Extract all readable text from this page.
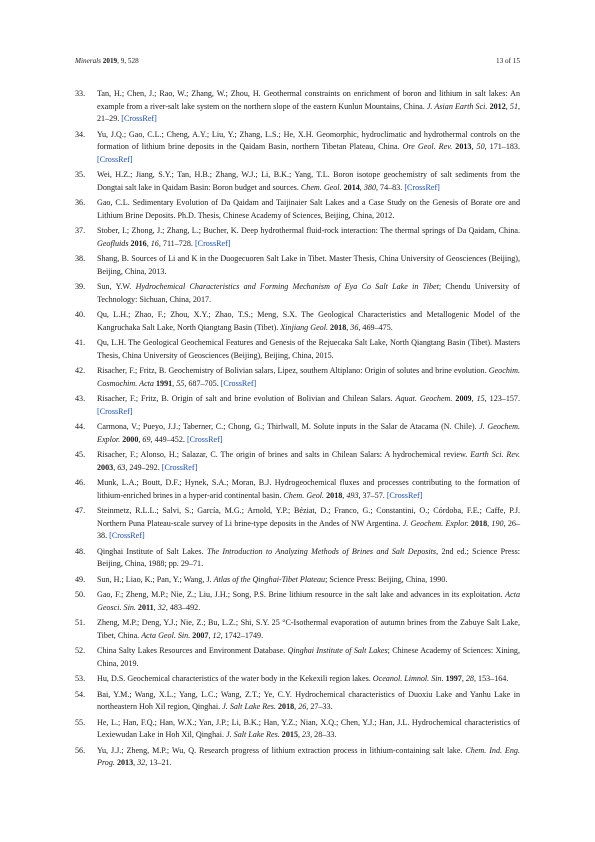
Minerals 2019, 9, 528	13 of 15
33. Tan, H.; Chen, J.; Rao, W.; Zhang, W.; Zhou, H. Geothermal constraints on enrichment of boron and lithium in salt lakes: An example from a river-salt lake system on the northern slope of the eastern Kunlun Mountains, China. J. Asian Earth Sci. 2012, 51, 21–29. [CrossRef]
34. Yu, J.Q.; Gao, C.L.; Cheng, A.Y.; Liu, Y.; Zhang, L.S.; He, X.H. Geomorphic, hydroclimatic and hydrothermal controls on the formation of lithium brine deposits in the Qaidam Basin, northern Tibetan Plateau, China. Ore Geol. Rev. 2013, 50, 171–183. [CrossRef]
35. Wei, H.Z.; Jiang, S.Y.; Tan, H.B.; Zhang, W.J.; Li, B.K.; Yang, T.L. Boron isotope geochemistry of salt sediments from the Dongtai salt lake in Qaidam Basin: Boron budget and sources. Chem. Geol. 2014, 380, 74–83. [CrossRef]
36. Gao, C.L. Sedimentary Evolution of Da Qaidam and Taijinaier Salt Lakes and a Case Study on the Genesis of Borate ore and Lithium Brine Deposits. Ph.D. Thesis, Chinese Academy of Sciences, Beijing, China, 2012.
37. Stober, I.; Zhong, J.; Zhang, L.; Bucher, K. Deep hydrothermal fluid-rock interaction: The thermal springs of Da Qaidam, China. Geofluids 2016, 16, 711–728. [CrossRef]
38. Shang, B. Sources of Li and K in the Duogecuoren Salt Lake in Tibet. Master Thesis, China University of Geosciences (Beijing), Beijing, China, 2013.
39. Sun, Y.W. Hydrochemical Characteristics and Forming Mechanism of Eya Co Salt Lake in Tibet; Chendu University of Technology: Sichuan, China, 2017.
40. Qu, L.H.; Zhao, F.; Zhou, X.Y.; Zhao, T.S.; Meng, S.X. The Geological Characteristics and Metallogenic Model of the Kangruchaka Salt Lake, North Qiangtang Basin (Tibet). Xinjiang Geol. 2018, 36, 469–475.
41. Qu, L.H. The Geological Geochemical Features and Genesis of the Rejuecaka Salt Lake, North Qiangtang Basin (Tibet). Masters Thesis, China University of Geosciences (Beijing), Beijing, China, 2015.
42. Risacher, F.; Fritz, B. Geochemistry of Bolivian salars, Lipez, southern Altiplano: Origin of solutes and brine evolution. Geochim. Cosmochim. Acta 1991, 55, 687–705. [CrossRef]
43. Risacher, F.; Fritz, B. Origin of salt and brine evolution of Bolivian and Chilean Salars. Aquat. Geochem. 2009, 15, 123–157. [CrossRef]
44. Carmona, V.; Pueyo, J.J.; Taberner, C.; Chong, G.; Thirlwall, M. Solute inputs in the Salar de Atacama (N. Chile). J. Geochem. Explor. 2000, 69, 449–452. [CrossRef]
45. Risacher, F.; Alonso, H.; Salazar, C. The origin of brines and salts in Chilean Salars: A hydrochemical review. Earth Sci. Rev. 2003, 63, 249–292. [CrossRef]
46. Munk, L.A.; Boutt, D.F.; Hynek, S.A.; Moran, B.J. Hydrogeochemical fluxes and processes contributing to the formation of lithium-enriched brines in a hyper-arid continental basin. Chem. Geol. 2018, 493, 37–57. [CrossRef]
47. Steinmetz, R.L.L.; Salvi, S.; García, M.G.; Arnold, Y.P.; Béziat, D.; Franco, G.; Constantini, O.; Córdoba, F.E.; Caffe, P.J. Northern Puna Plateau-scale survey of Li brine-type deposits in the Andes of NW Argentina. J. Geochem. Explor. 2018, 190, 26–38. [CrossRef]
48. Qinghai Institute of Salt Lakes. The Introduction to Analyzing Methods of Brines and Salt Deposits, 2nd ed.; Science Press: Beijing, China, 1988; pp. 29–71.
49. Sun, H.; Liao, K.; Pan, Y.; Wang, J. Atlas of the Qinghai-Tibet Plateau; Science Press: Beijing, China, 1990.
50. Gao, F.; Zheng, M.P.; Nie, Z.; Liu, J.H.; Song, P.S. Brine lithium resource in the salt lake and advances in its exploitation. Acta Geosci. Sin. 2011, 32, 483–492.
51. Zheng, M.P.; Deng, Y.J.; Nie, Z.; Bu, L.Z.; Shi, S.Y. 25 °C-Isothermal evaporation of autumn brines from the Zabuye Salt Lake, Tibet, China. Acta Geol. Sin. 2007, 12, 1742–1749.
52. China Salty Lakes Resources and Environment Database. Qinghai Institute of Salt Lakes; Chinese Academy of Sciences: Xining, China, 2019.
53. Hu, D.S. Geochemical characteristics of the water body in the Kekexili region lakes. Oceanol. Limnol. Sin. 1997, 28, 153–164.
54. Bai, Y.M.; Wang, X.L.; Yang, L.C.; Wang, Z.T.; Ye, C.Y. Hydrochemical characteristics of Duoxiu Lake and Yanhu Lake in northeastern Hoh Xil region, Qinghai. J. Salt Lake Res. 2018, 26, 27–33.
55. He, L.; Han, F.Q.; Han, W.X.; Yan, J.P.; Li, B.K.; Han, Y.Z.; Nian, X.Q.; Chen, Y.J.; Han, J.L. Hydrochemical characteristics of Lexiewudan Lake in Hoh Xil, Qinghai. J. Salt Lake Res. 2015, 23, 28–33.
56. Yu, J.J.; Zheng, M.P.; Wu, Q. Research progress of lithium extraction process in lithium-containing salt lake. Chem. Ind. Eng. Prog. 2013, 32, 13–21.
